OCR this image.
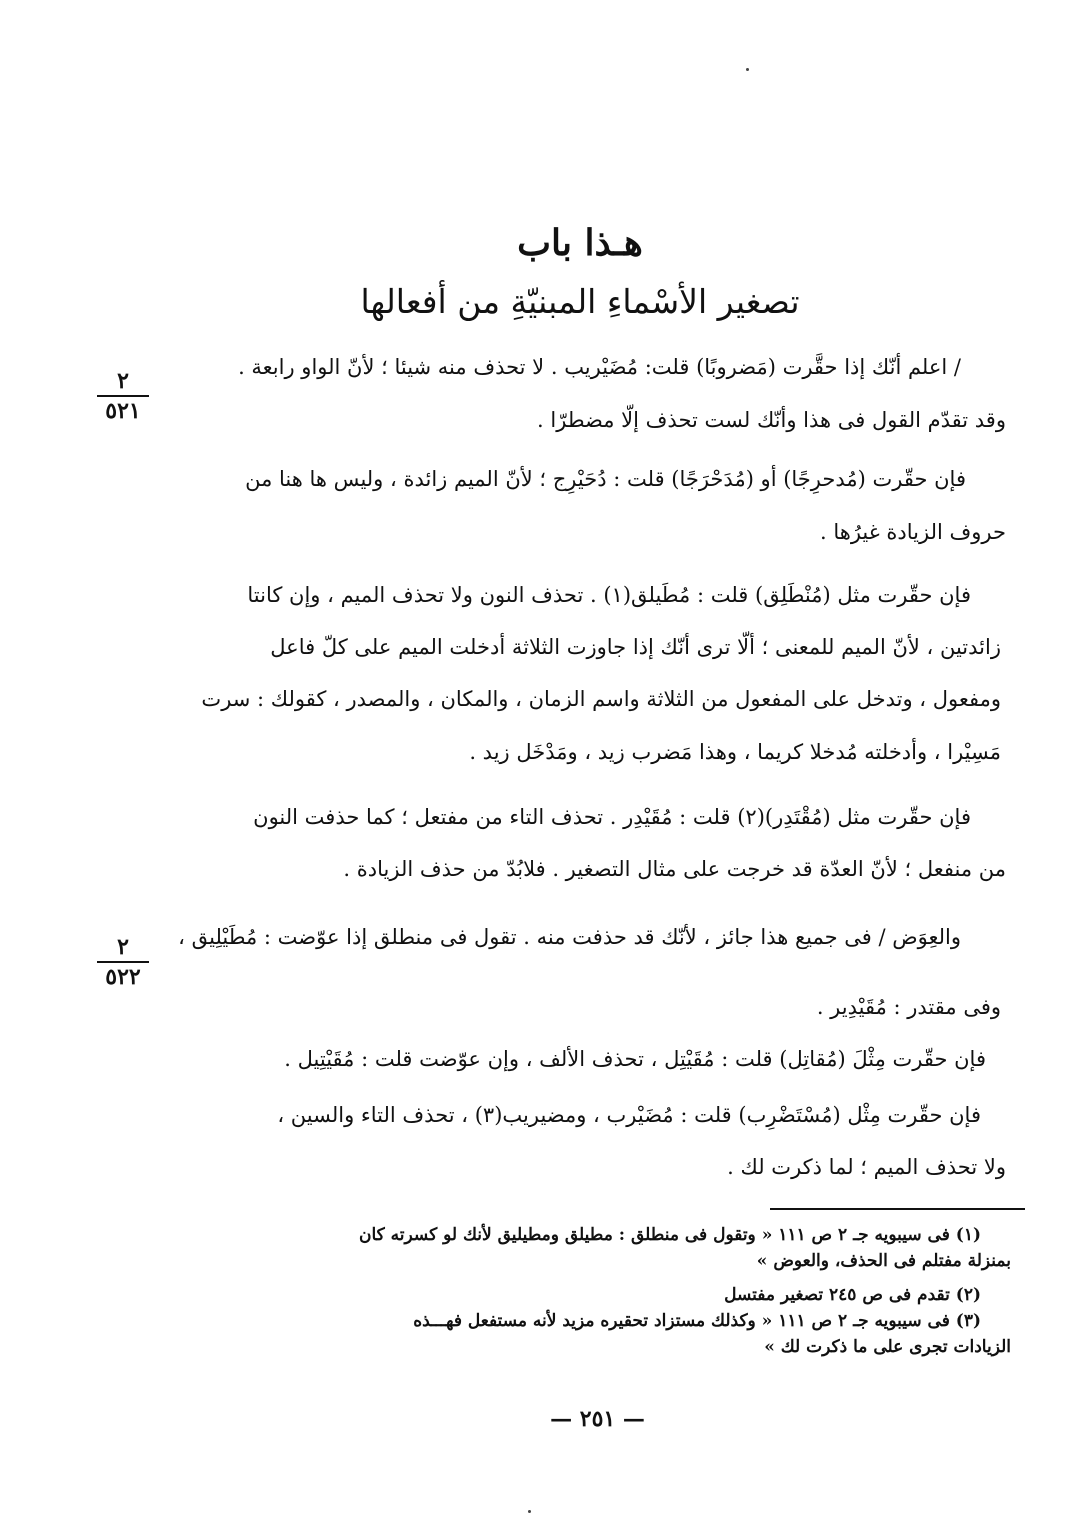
هـذا باب
تصغير الأسْماءِ المبنيّةِ من أفعالها
٢
٥٢١
٢
٥٢٢
/ اعلم أنّك إذا حقَّرت (مَضروبًا) قلت: مُضَيْريب . لا تحذف منه شيئا ؛ لأنّ الواو رابعة .
وقد تقدّم القول فى هذا وأنّك لست تحذف إلّا مضطرّا .
فإن حقّرت (مُدحرِجًا) أو (مُدَحْرَجًا) قلت : دُحَيْرِج ؛ لأنّ الميم زائدة ، وليس ها هنا من
حروف الزيادة غيرُها .
فإن حقّرت مثل (مُنْطَلِق) قلت : مُطَيلق(١) . تحذف النون ولا تحذف الميم ، وإن كانتا
زائدتين ، لأنّ الميم للمعنى ؛ ألّا ترى أنّك إذا جاوزت الثلاثة أدخلت الميم على كلّ فاعل
ومفعول ، وتدخل على المفعول من الثلاثة واسم الزمان ، والمكان ، والمصدر ، كقولك : سرت
مَسِيْرا ، وأدخلته مُدخلا كريما ، وهذا مَضرب زيد ، ومَدْخَل زيد .
فإن حقّرت مثل (مُقْتَدِر)(٢) قلت : مُقَيْدِر . تحذف التاء من مفتعل ؛ كما حذفت النون
من منفعل ؛ لأنّ العدّة قد خرجت على مثال التصغير . فلابُدّ من حذف الزيادة .
والعِوَض / فى جميع هذا جائز ، لأنّك قد حذفت منه . تقول فى منطلق إذا عوّضت : مُطَيْلِيق ،
وفى مقتدر : مُقَيْدِير .
فإن حقّرت مِثْلَ (مُقاتِل) قلت : مُقَيْتِل ، تحذف الألف ، وإن عوّضت قلت : مُقَيْتِيل .
فإن حقّرت مِثْل (مُسْتَضْرِب) قلت : مُضَيْرب ، ومضيريب(٣) ، تحذف التاء والسين ،
ولا تحذف الميم ؛ لما ذكرت لك .
(١) فى سيبويه جـ ٢ ص ١١١ « وتقول فى منطلق : مطيلق ومطيليق لأنك لو كسرته كان
بمنزلة مفتلم فى الحذف، والعوض »
(٢) تقدم فى ص ٢٤٥ تصغير مفتسل
(٣) فى سيبويه جـ ٢ ص ١١١ « وكذلك مستزاد تحقيره مزيد لأنه مستفعل فهـــذه
الزيادات تجرى على ما ذكرت لك »
— ٢٥١ —
